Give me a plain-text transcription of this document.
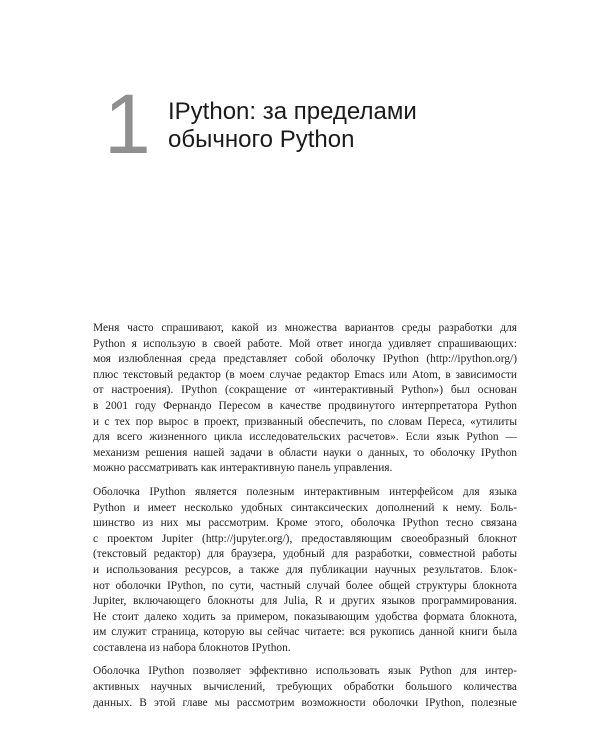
1 IPython: за пределами
обычного Python

Меня часто спрашивают, какой из множества вариантов среды разработки для
Python я использую в своей работе. Мой ответ иногда удивляет спрашивающих:
моя излюбленная среда представляет собой оболочку IPython (http://ipython.org/)
плюс текстовый редактор (в моем случае редактор Emacs или Atom, в зависимости
от настроения). IPython (сокращение от «интерактивный Python») был основан
в 2001 году Фернандо Пересом в качестве продвинутого интерпретатора Python
и с тех пор вырос в проект, призванный обеспечить, по словам Переса, «утилиты
для всего жизненного цикла исследовательских расчетов». Если язык Python —
механизм решения нашей задачи в области науки о данных, то оболочку IPython
можно рассматривать как интерактивную панель управления.

Оболочка IPython является полезным интерактивным интерфейсом для языка
Python и имеет несколько удобных синтаксических дополнений к нему. Боль-
шинство из них мы рассмотрим. Кроме этого, оболочка IPython тесно связана
с проектом Jupiter (http://jupyter.org/), предоставляющим своеобразный блокнот
(текстовый редактор) для браузера, удобный для разработки, совместной работы
и использования ресурсов, а также для публикации научных результатов. Блок-
нот оболочки IPython, по сути, частный случай более общей структуры блокнота
Jupiter, включающего блокноты для Julia, R и других языков программирования.
Не стоит далеко ходить за примером, показывающим удобства формата блокнота,
им служит страница, которую вы сейчас читаете: вся рукопись данной книги была
составлена из набора блокнотов IPython.

Оболочка IPython позволяет эффективно использовать язык Python для интер-
активных научных вычислений, требующих обработки большого количества
данных. В этой главе мы рассмотрим возможности оболочки IPython, полезные
